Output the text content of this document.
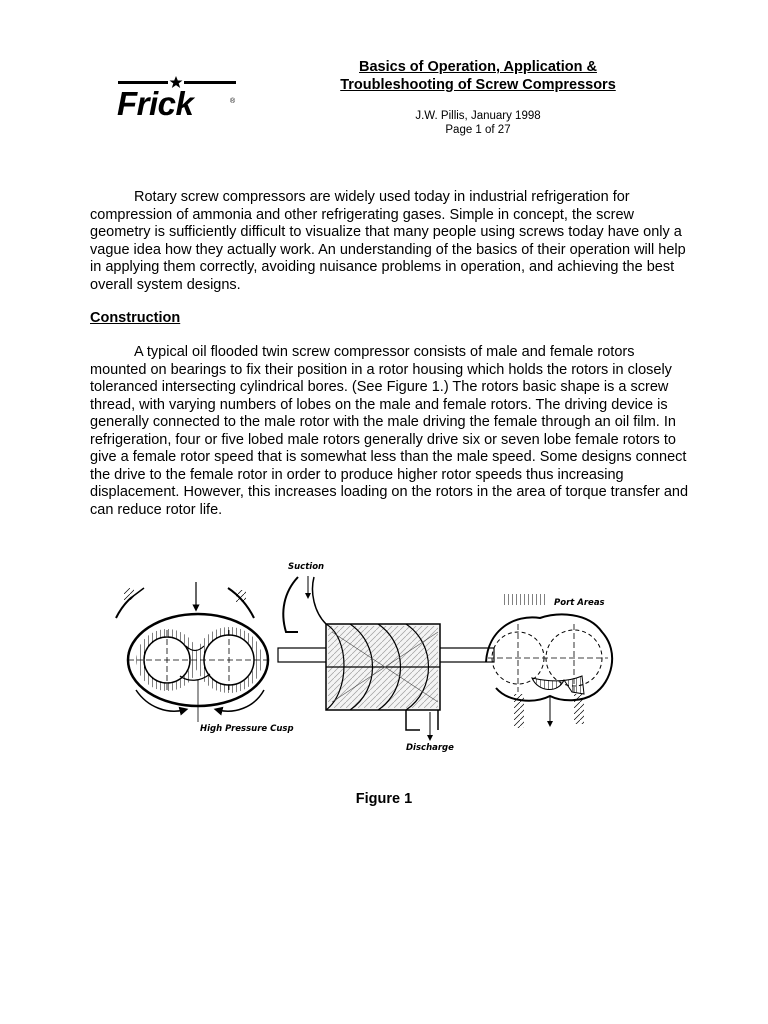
Frick	®
Basics of Operation, Application &
Troubleshooting of Screw Compressors
J.W. Pillis, January 1998
Page 1 of 27

Rotary screw compressors are widely used today in industrial refrigeration for compression of ammonia and other refrigerating gases. Simple in concept, the screw geometry is sufficiently difficult to visualize that many people using screws today have only a vague idea how they actually work. An understanding of the basics of their operation will help in applying them correctly, avoiding nuisance problems in operation, and achieving the best overall system designs.

Construction

A typical oil flooded twin screw compressor consists of male and female rotors mounted on bearings to fix their position in a rotor housing which holds the rotors in closely toleranced intersecting cylindrical bores. (See Figure 1.) The rotors basic shape is a screw thread, with varying numbers of lobes on the male and female rotors. The driving device is generally connected to the male rotor with the male driving the female through an oil film. In refrigeration, four or five lobed male rotors generally drive six or seven lobe female rotors to give a female rotor speed that is somewhat less than the male speed. Some designs connect the drive to the female rotor in order to produce higher rotor speeds thus increasing displacement. However, this increases loading on the rotors in the area of torque transfer and can reduce rotor life.

High Pressure Cusp
Suction
Discharge
Port Areas
Figure 1
